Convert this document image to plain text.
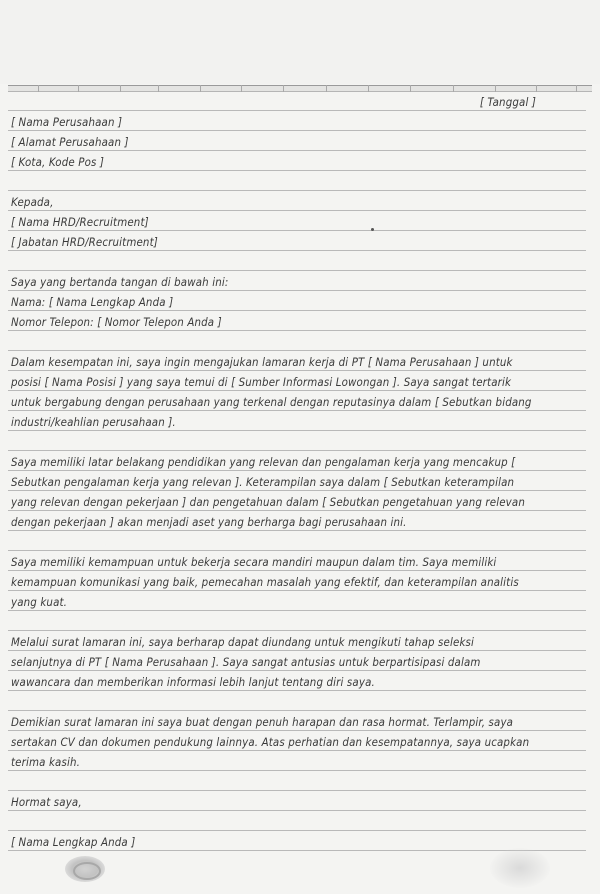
[ Tanggal ]
[ Nama Perusahaan ]
[ Alamat Perusahaan ]
[ Kota, Kode Pos ]
Kepada,
[ Nama HRD/Recruitment]
[ Jabatan HRD/Recruitment]
Saya yang bertanda tangan di bawah ini:
Nama: [ Nama Lengkap Anda ]
Nomor Telepon: [ Nomor Telepon Anda ]
Dalam kesempatan ini, saya ingin mengajukan lamaran kerja di PT [ Nama Perusahaan ] untuk
posisi [ Nama Posisi ] yang saya temui di [ Sumber Informasi Lowongan ]. Saya sangat tertarik
untuk bergabung dengan perusahaan yang terkenal dengan reputasinya dalam [ Sebutkan bidang
industri/keahlian perusahaan ].
Saya memiliki latar belakang pendidikan yang relevan dan pengalaman kerja yang mencakup [
Sebutkan pengalaman kerja yang relevan ]. Keterampilan saya dalam [ Sebutkan keterampilan
yang relevan dengan pekerjaan ] dan pengetahuan dalam [ Sebutkan pengetahuan yang relevan
dengan pekerjaan ] akan menjadi aset yang berharga bagi perusahaan ini.
Saya memiliki kemampuan untuk bekerja secara mandiri maupun dalam tim. Saya memiliki
kemampuan komunikasi yang baik, pemecahan masalah yang efektif, dan keterampilan analitis
yang kuat.
Melalui surat lamaran ini, saya berharap dapat diundang untuk mengikuti tahap seleksi
selanjutnya di PT [ Nama Perusahaan ]. Saya sangat antusias untuk berpartisipasi dalam
wawancara dan memberikan informasi lebih lanjut tentang diri saya.
Demikian surat lamaran ini saya buat dengan penuh harapan dan rasa hormat. Terlampir, saya
sertakan CV dan dokumen pendukung lainnya. Atas perhatian dan kesempatannya, saya ucapkan
terima kasih.
Hormat saya,
[ Nama Lengkap Anda ]
